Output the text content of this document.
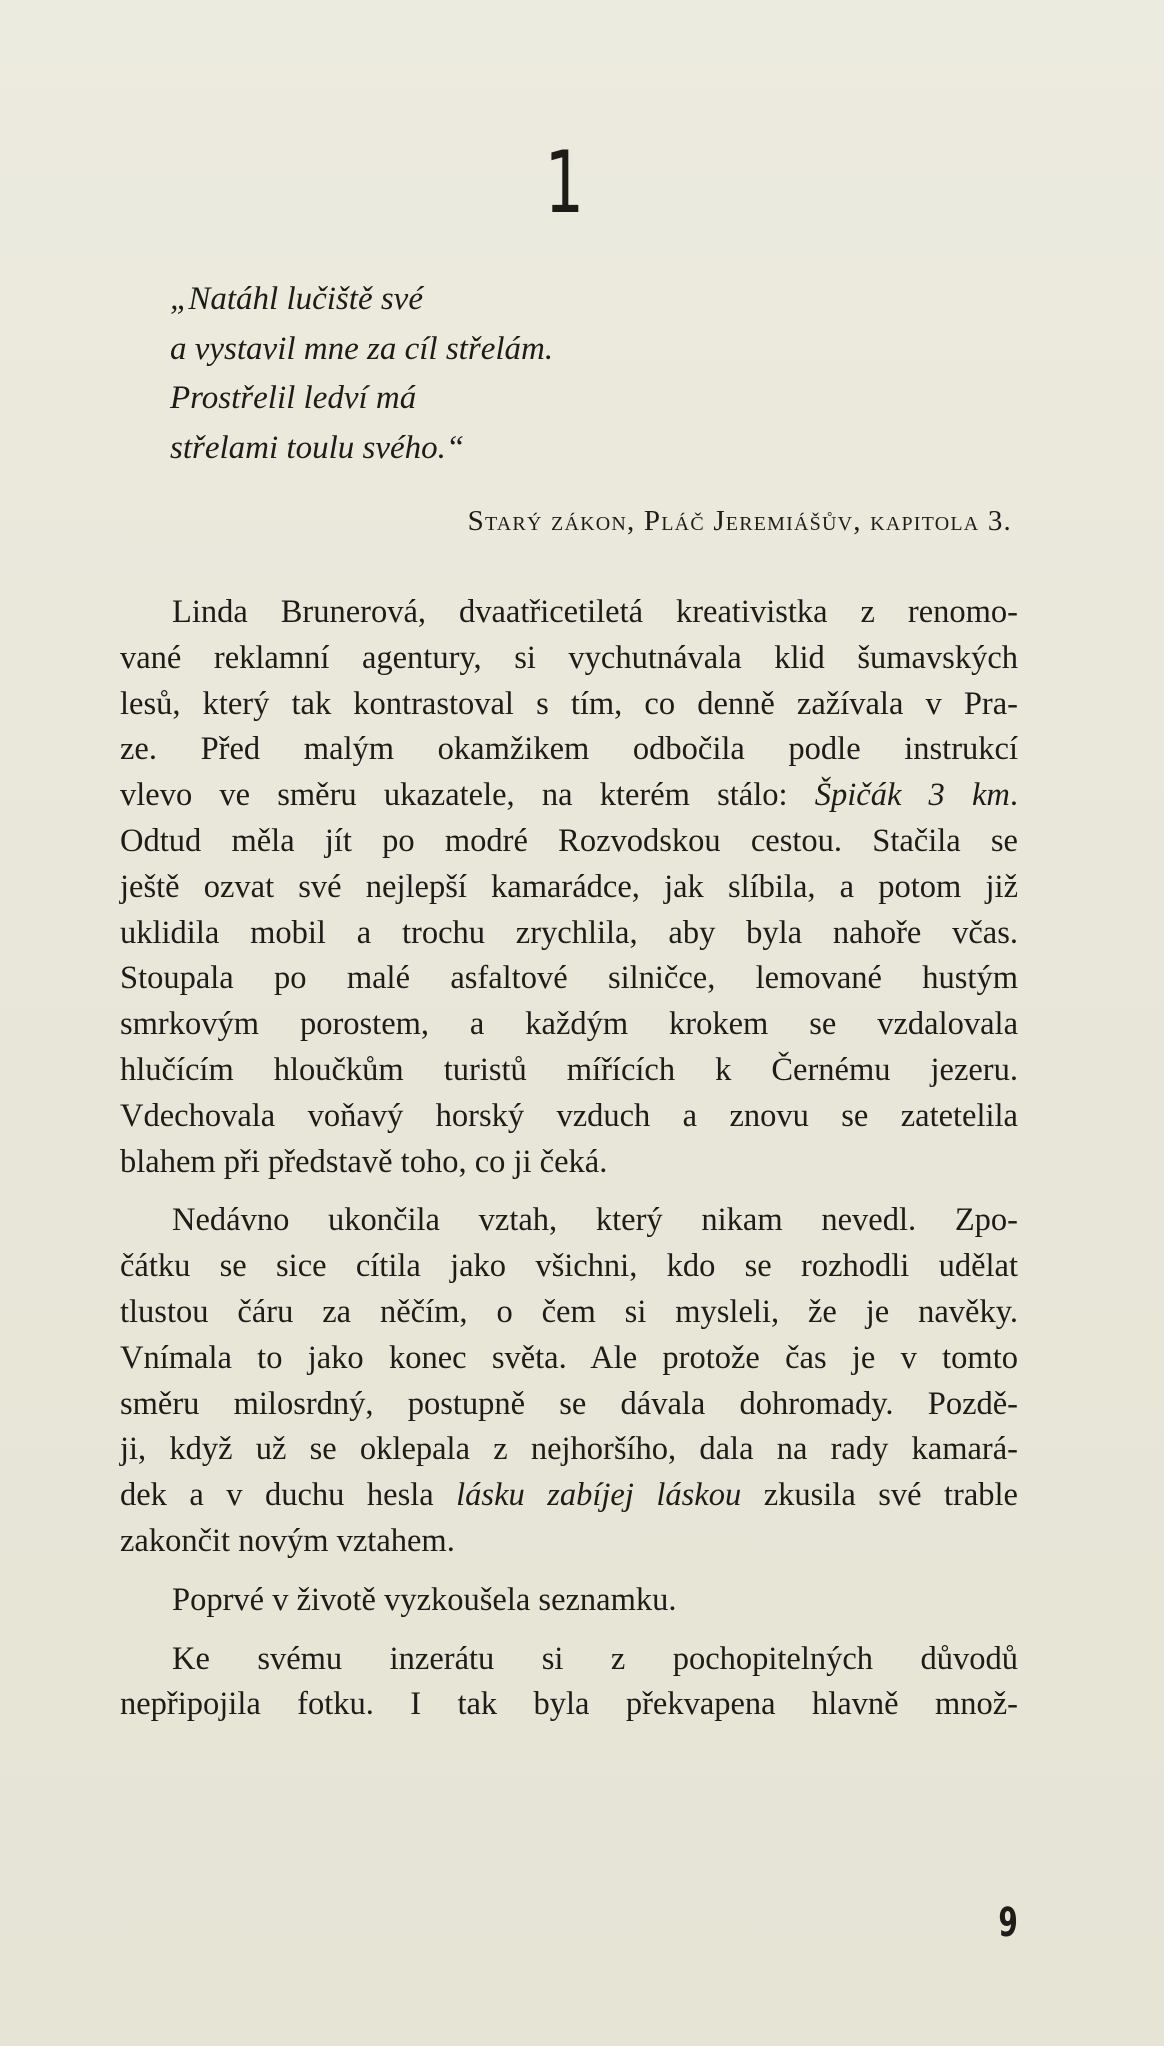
1
„Natáhl lučiště své
a vystavil mne za cíl střelám.
Prostřelil ledví má
střelami toulu svého.“
Starý zákon, Pláč Jeremiášův, kapitola 3.
Linda Brunerová, dvaatřicetiletá kreativistka z renomo-
vané reklamní agentury, si vychutnávala klid šumavských
lesů, který tak kontrastoval s tím, co denně zažívala v Pra-
ze. Před malým okamžikem odbočila podle instrukcí
vlevo ve směru ukazatele, na kterém stálo: Špičák 3 km.
Odtud měla jít po modré Rozvodskou cestou. Stačila se
ještě ozvat své nejlepší kamarádce, jak slíbila, a potom již
uklidila mobil a trochu zrychlila, aby byla nahoře včas.
Stoupala po malé asfaltové silničce, lemované hustým
smrkovým porostem, a každým krokem se vzdalovala
hlučícím hloučkům turistů mířících k Černému jezeru.
Vdechovala voňavý horský vzduch a znovu se zatetelila
blahem při představě toho, co ji čeká.
Nedávno ukončila vztah, který nikam nevedl. Zpo-
čátku se sice cítila jako všichni, kdo se rozhodli udělat
tlustou čáru za něčím, o čem si mysleli, že je navěky.
Vnímala to jako konec světa. Ale protože čas je v tomto
směru milosrdný, postupně se dávala dohromady. Pozdě-
ji, když už se oklepala z nejhoršího, dala na rady kamará-
dek a v duchu hesla lásku zabíjej láskou zkusila své trable
zakončit novým vztahem.
Poprvé v životě vyzkoušela seznamku.
Ke svému inzerátu si z pochopitelných důvodů
nepřipojila fotku. I tak byla překvapena hlavně množ-
9
